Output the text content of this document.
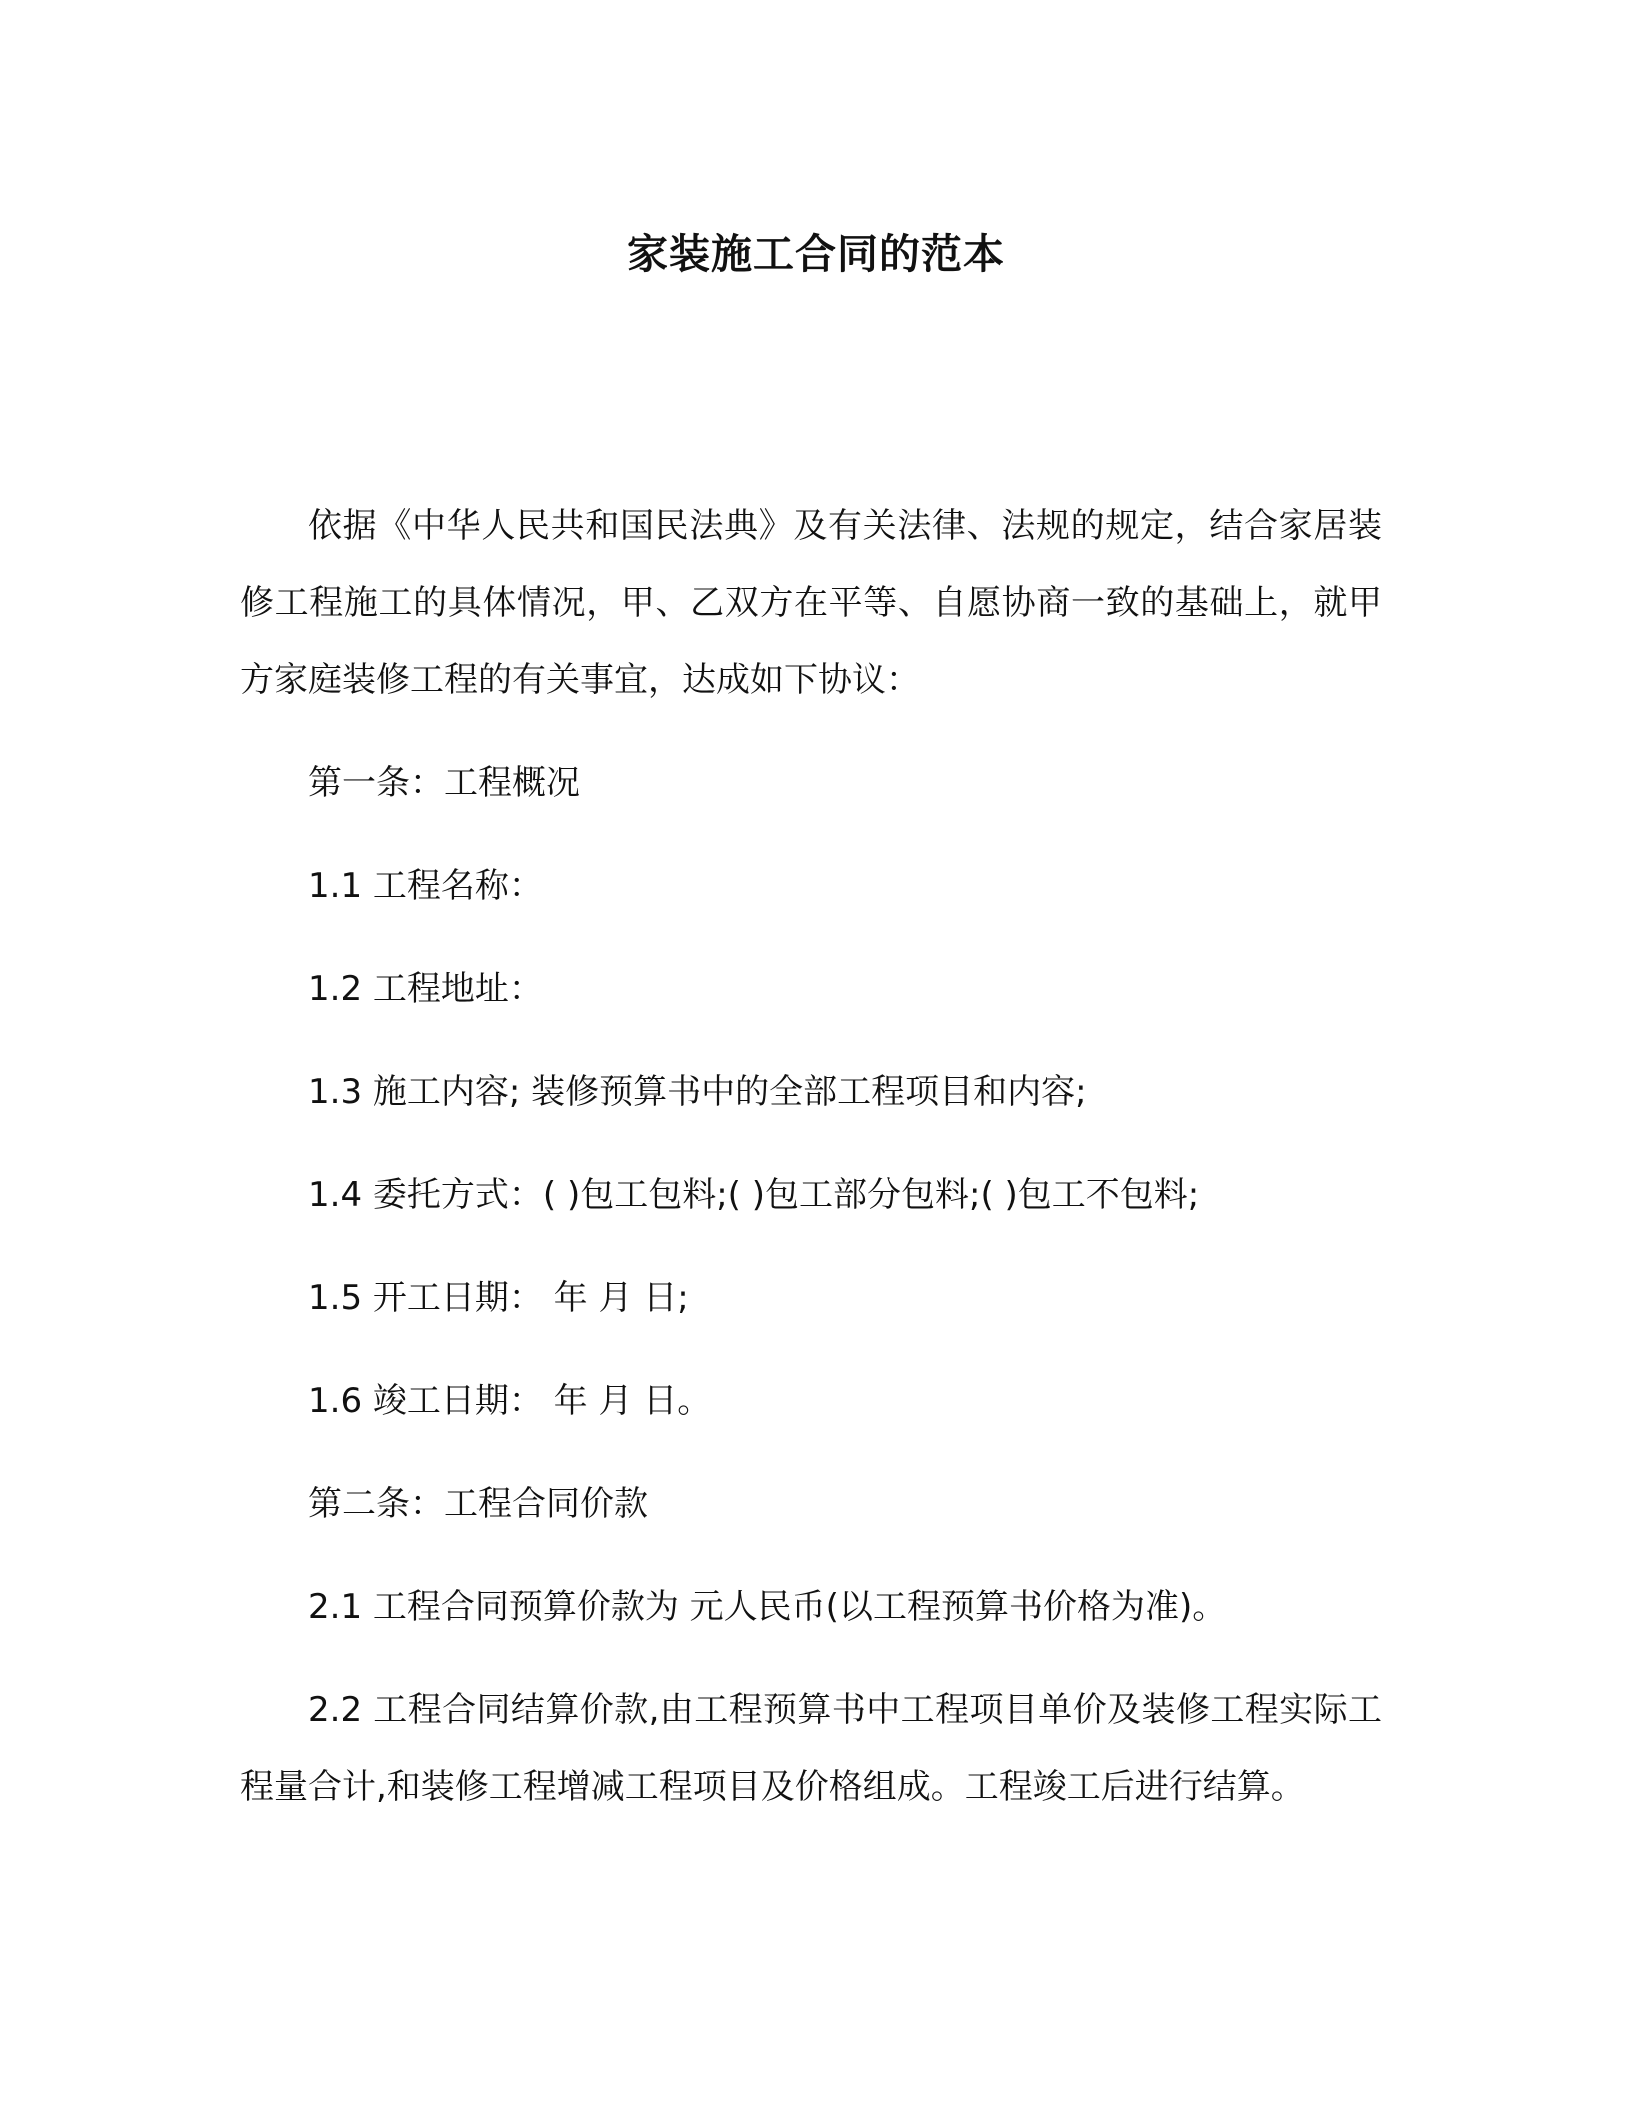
家装施工合同的范本

依据《中华人民共和国民法典》及有关法律、法规的规定，结合家居装修工程施工的具体情况，甲、乙双方在平等、自愿协商一致的基础上，就甲方家庭装修工程的有关事宜，达成如下协议：

第一条：工程概况

1.1 工程名称：

1.2 工程地址：

1.3 施工内容; 装修预算书中的全部工程项目和内容;

1.4 委托方式：( )包工包料;( )包工部分包料;( )包工不包料;

1.5 开工日期： 年 月 日;

1.6 竣工日期： 年 月 日。

第二条：工程合同价款

2.1 工程合同预算价款为 元人民币(以工程预算书价格为准)。

2.2 工程合同结算价款,由工程预算书中工程项目单价及装修工程实际工程量合计,和装修工程增减工程项目及价格组成。工程竣工后进行结算。
